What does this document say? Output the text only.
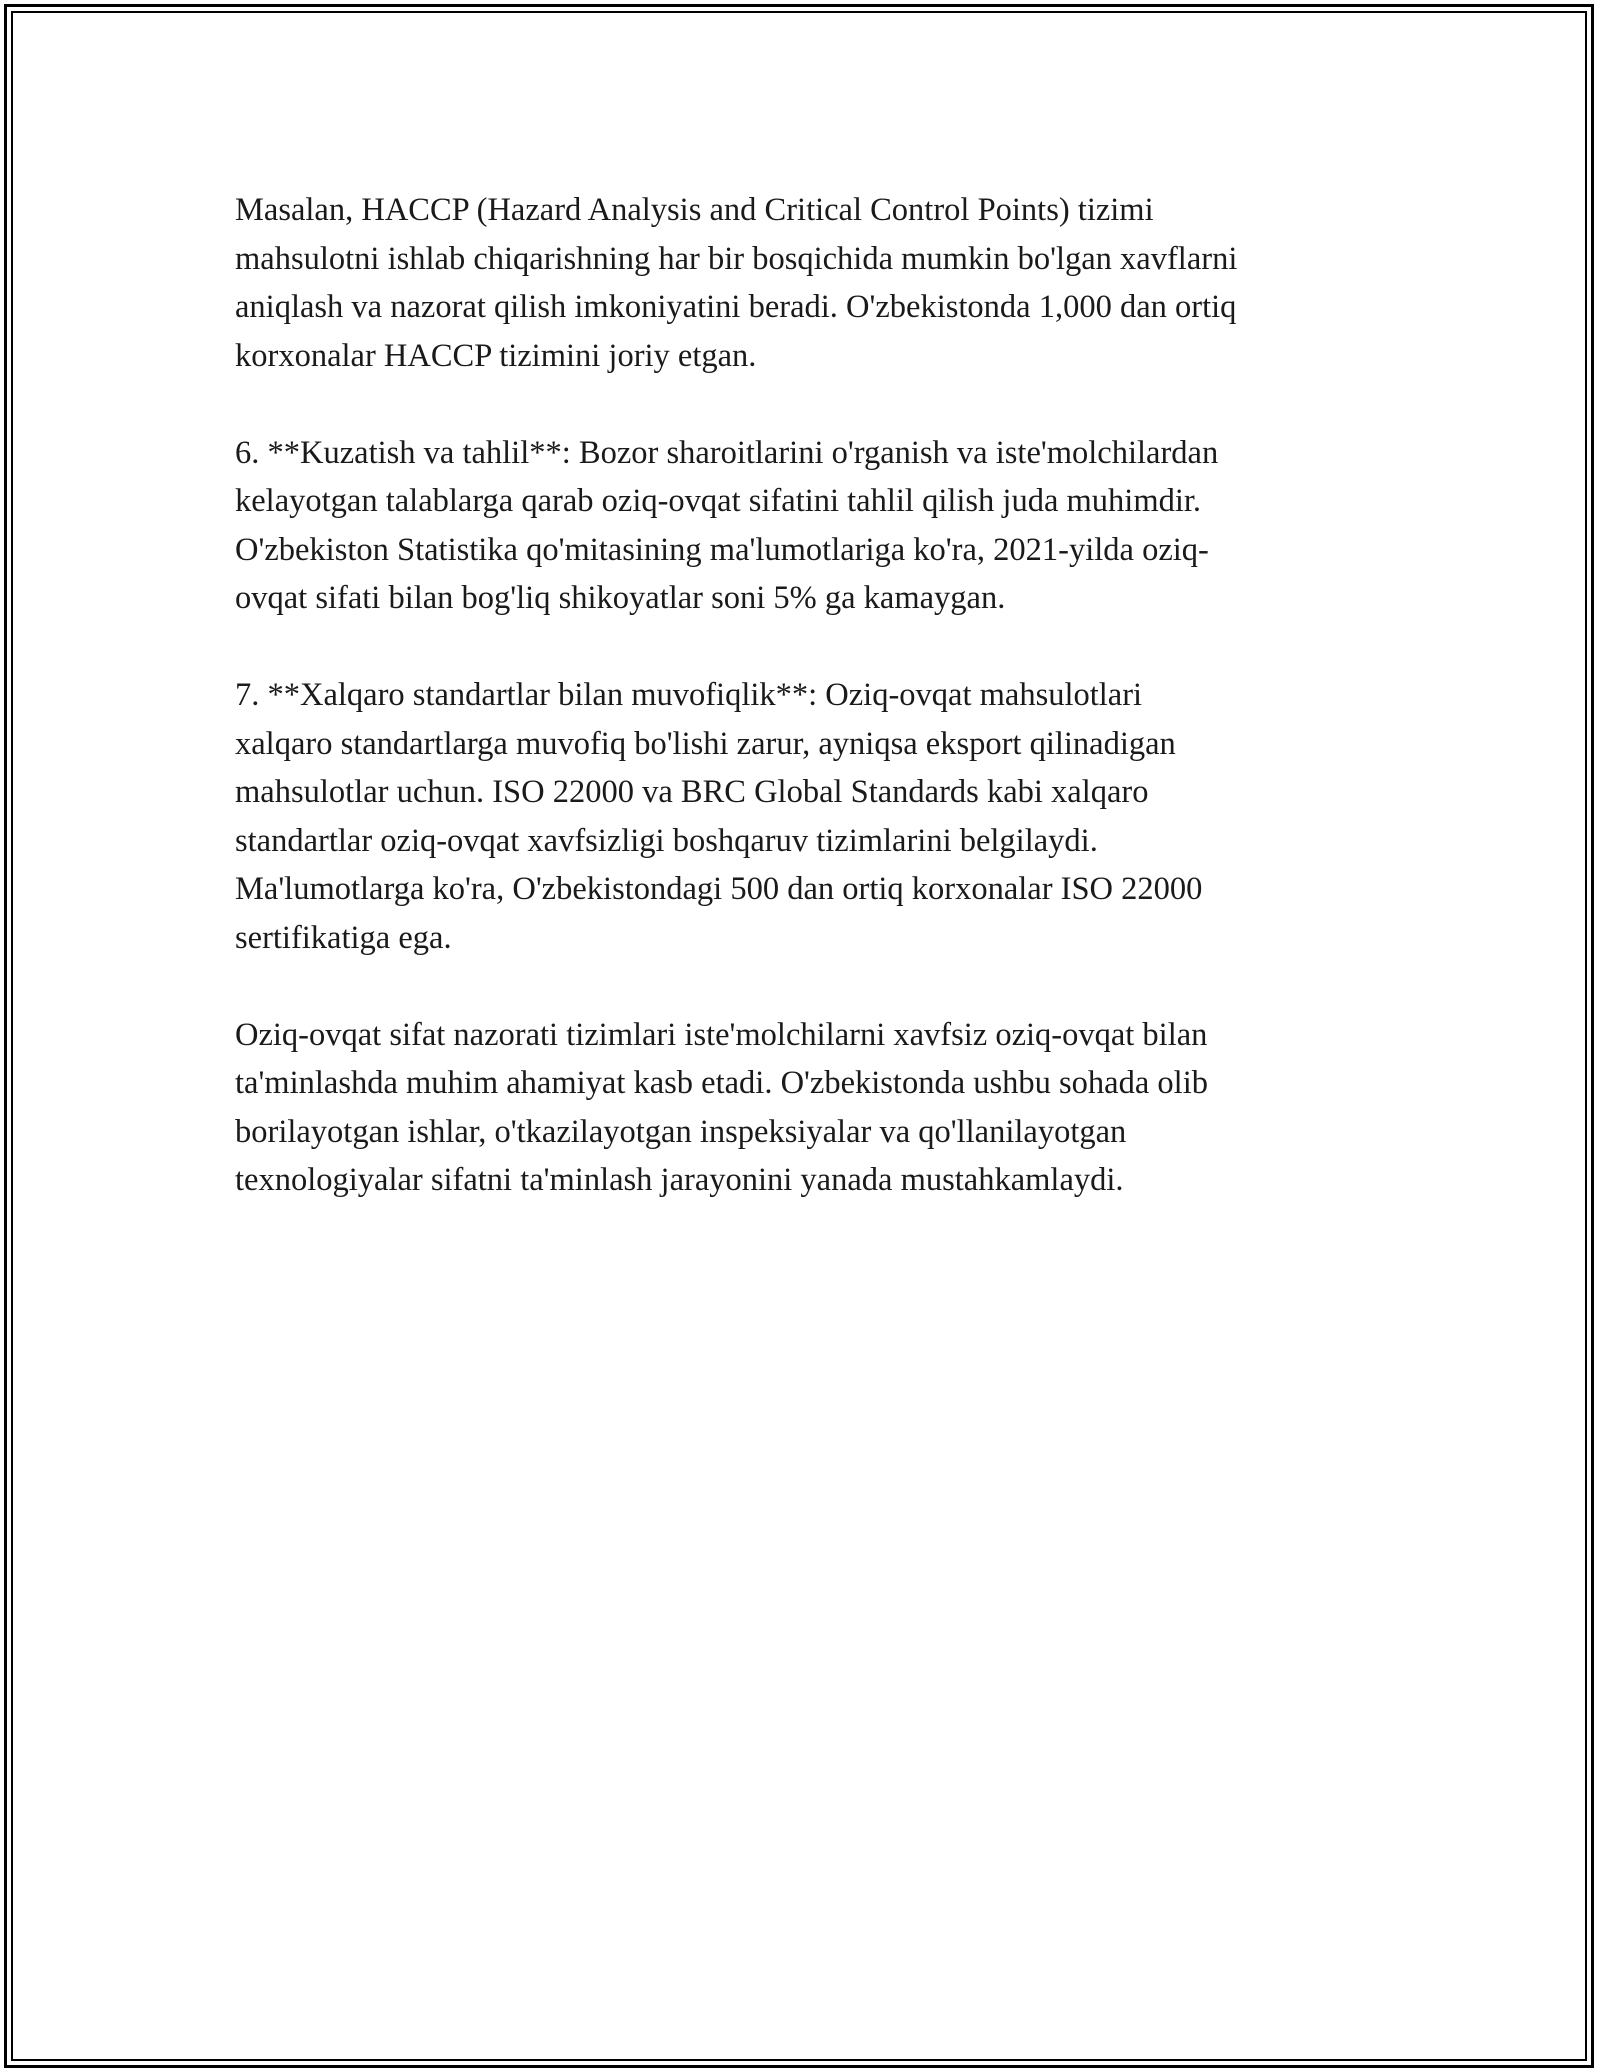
Masalan, HACCP (Hazard Analysis and Critical Control Points) tizimi
mahsulotni ishlab chiqarishning har bir bosqichida mumkin bo'lgan xavflarni
aniqlash va nazorat qilish imkoniyatini beradi. O'zbekistonda 1,000 dan ortiq
korxonalar HACCP tizimini joriy etgan.

6. **Kuzatish va tahlil**: Bozor sharoitlarini o'rganish va iste'molchilardan
kelayotgan talablarga qarab oziq-ovqat sifatini tahlil qilish juda muhimdir.
O'zbekiston Statistika qo'mitasining ma'lumotlariga ko'ra, 2021-yilda oziq-
ovqat sifati bilan bog'liq shikoyatlar soni 5% ga kamaygan.

7. **Xalqaro standartlar bilan muvofiqlik**: Oziq-ovqat mahsulotlari
xalqaro standartlarga muvofiq bo'lishi zarur, ayniqsa eksport qilinadigan
mahsulotlar uchun. ISO 22000 va BRC Global Standards kabi xalqaro
standartlar oziq-ovqat xavfsizligi boshqaruv tizimlarini belgilaydi.
Ma'lumotlarga ko'ra, O'zbekistondagi 500 dan ortiq korxonalar ISO 22000
sertifikatiga ega.

Oziq-ovqat sifat nazorati tizimlari iste'molchilarni xavfsiz oziq-ovqat bilan
ta'minlashda muhim ahamiyat kasb etadi. O'zbekistonda ushbu sohada olib
borilayotgan ishlar, o'tkazilayotgan inspeksiyalar va qo'llanilayotgan
texnologiyalar sifatni ta'minlash jarayonini yanada mustahkamlaydi.
